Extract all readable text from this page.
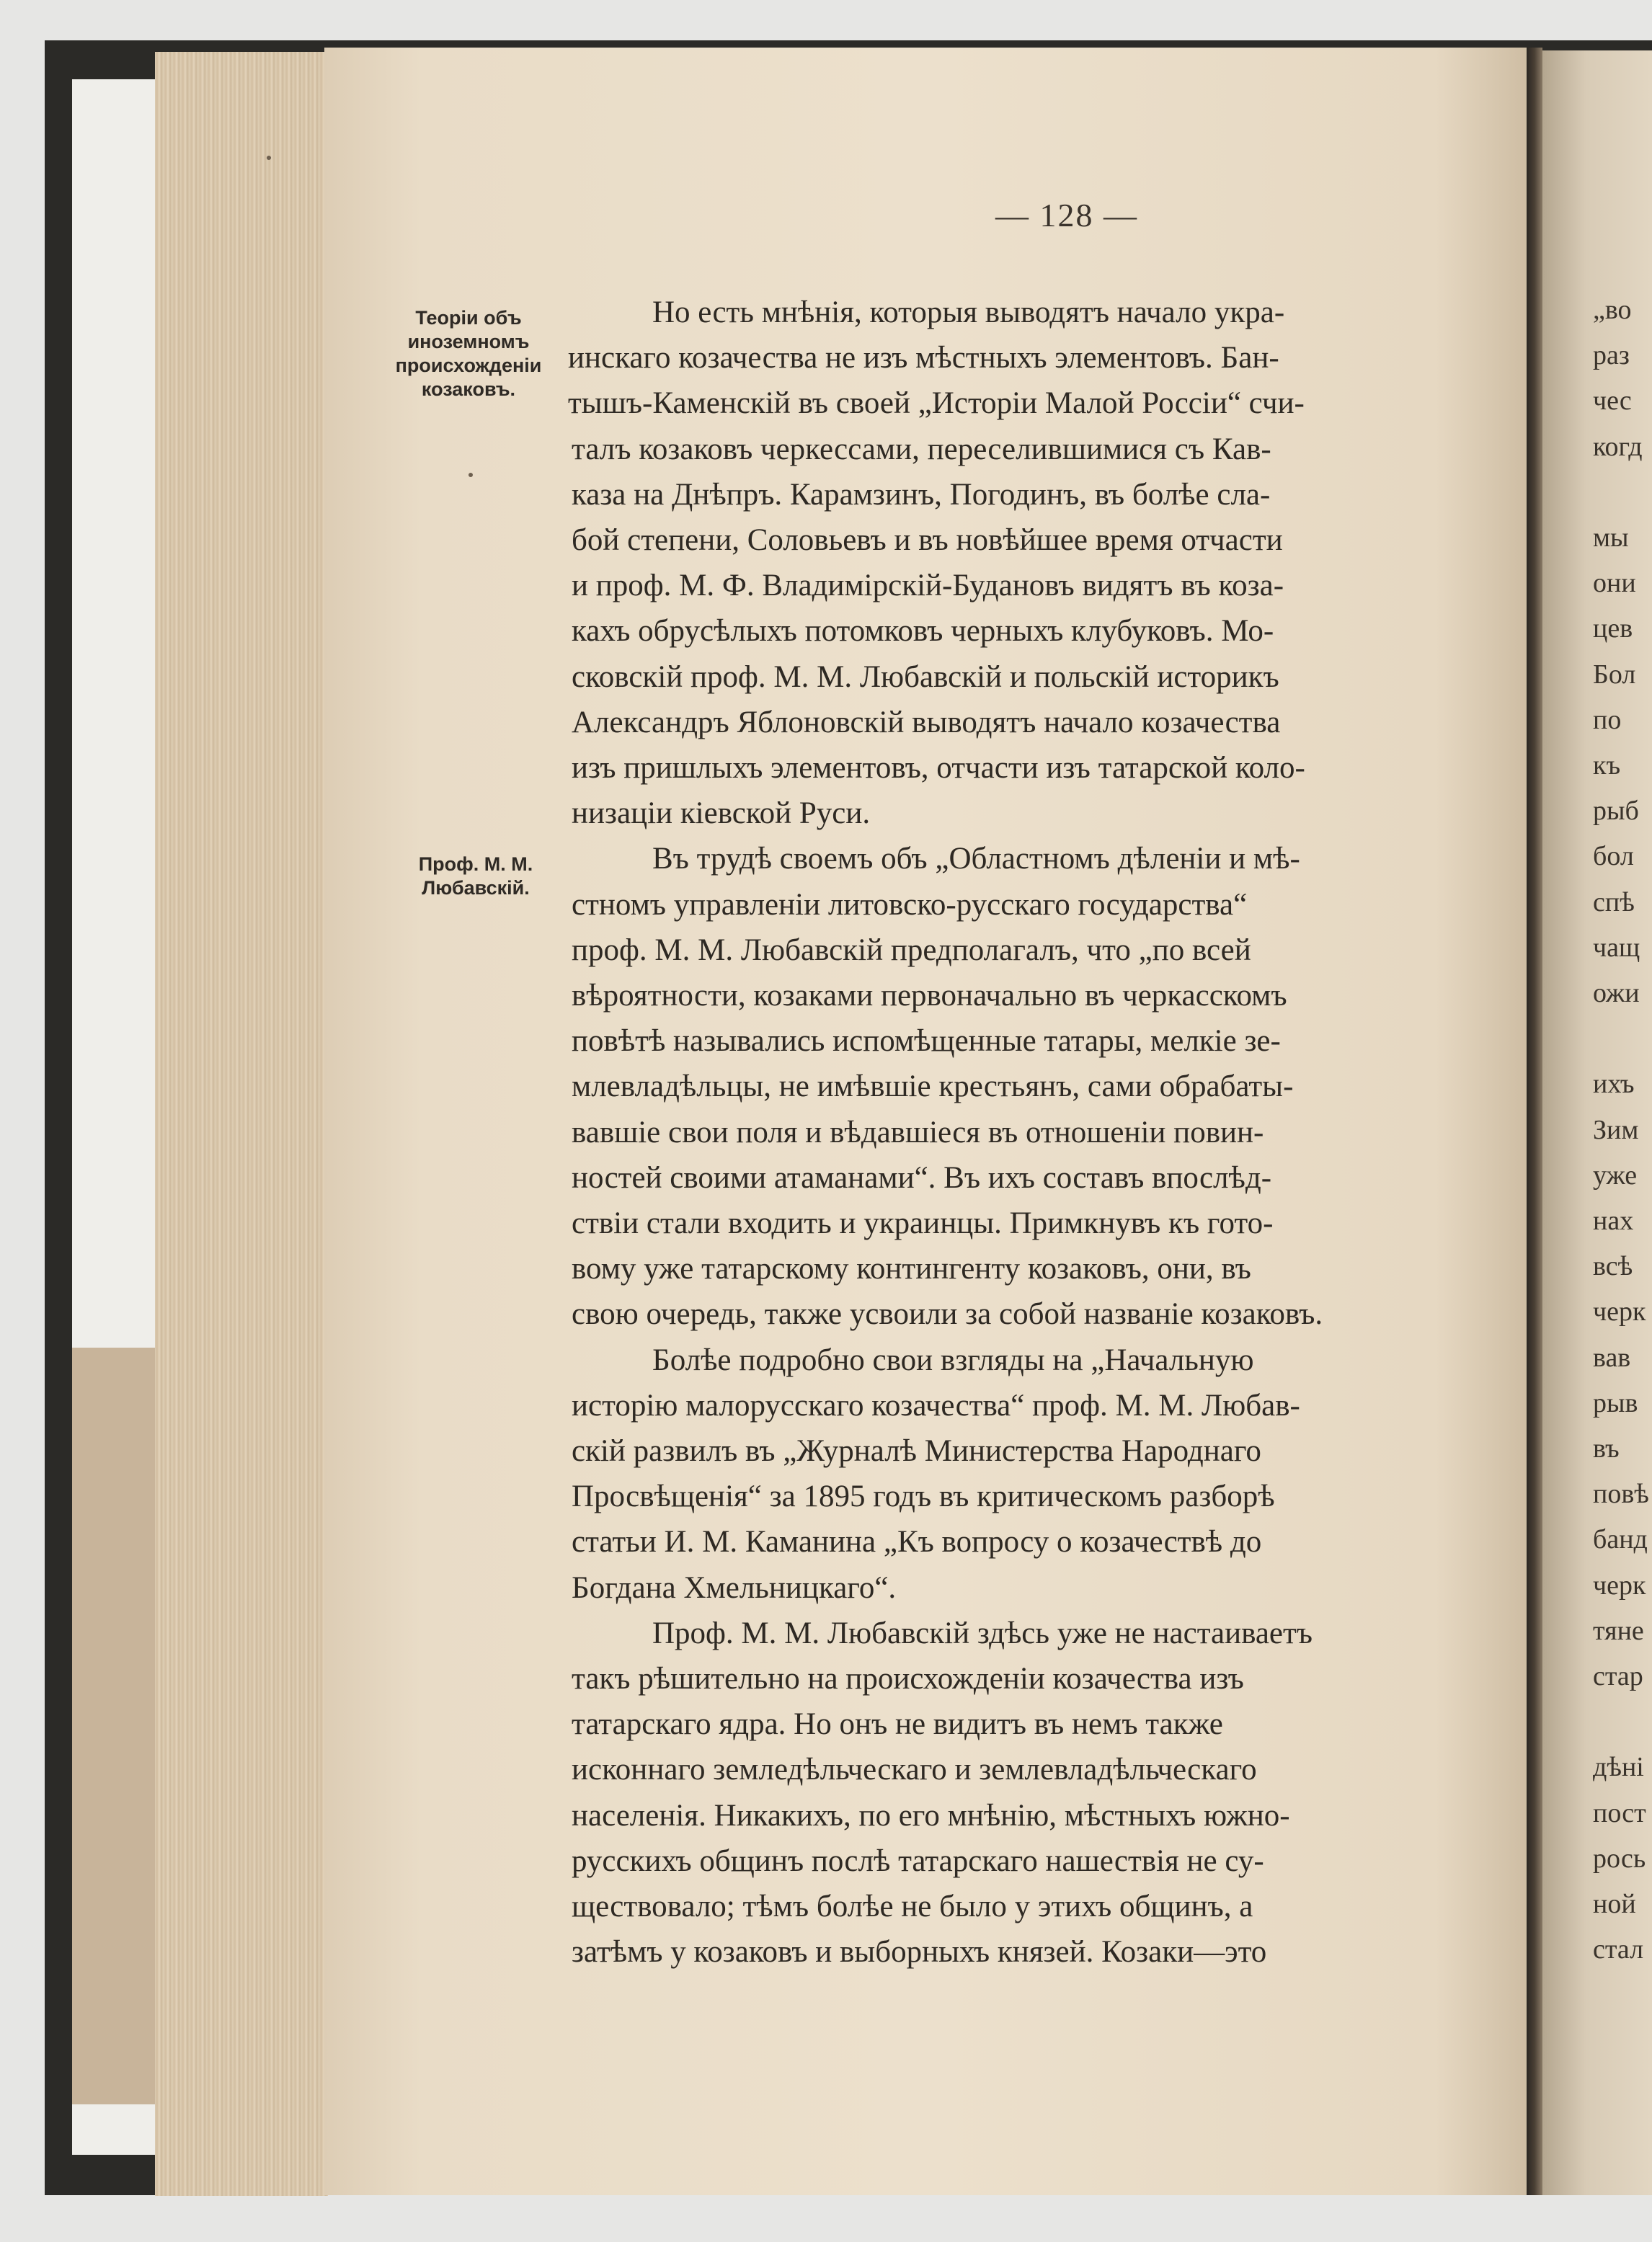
„во
раз
чес
когд
мы
они
цев
Бол
по
къ
рыб
бол
спѣ
чащ
ожи
ихъ
Зим
уже
нах
всѣ
черк
вав
рыв
въ
повѣ
банд
черк
тяне
стар
дѣнi
пост
рось
ной
стал
— 128 —
Теорiи объ иноземномъ происхожденiи козаковъ.
Проф. М. М. Любавскiй.
Но есть мнѣнiя, которыя выводятъ начало укра-
инскаго козачества не изъ мѣстныхъ элементовъ. Бан-
тышъ-Каменскiй въ своей „Исторiи Малой Россiи“ счи-
талъ козаковъ черкессами, переселившимися съ Кав-
каза на Днѣпръ. Карамзинъ, Погодинъ, въ болѣе сла-
бой степени, Соловьевъ и въ новѣйшее время отчасти
и проф. М. Ф. Владимiрскiй-Будановъ видятъ въ коза-
кахъ обрусѣлыхъ потомковъ черныхъ клубуковъ. Мо-
сковскiй проф. М. М. Любавскiй и польскiй историкъ
Александръ Яблоновскiй выводятъ начало козачества
изъ пришлыхъ элементовъ, отчасти изъ татарской коло-
низацiи кiевской Руси.
Въ трудѣ своемъ объ „Областномъ дѣленiи и мѣ-
стномъ управленiи литовско-русскаго государства“
проф. М. М. Любавскiй предполагалъ, что „по всей
вѣроятности, козаками первоначально въ черкасскомъ
повѣтѣ назывались испомѣщенные татары, мелкiе зе-
млевладѣльцы, не имѣвшiе крестьянъ, сами обрабаты-
вавшiе свои поля и вѣдавшiеся въ отношенiи повин-
ностей своими атаманами“. Въ ихъ составъ впослѣд-
ствiи стали входить и украинцы. Примкнувъ къ гото-
вому уже татарскому контингенту козаковъ, они, въ
свою очередь, также усвоили за собой названiе козаковъ.
Болѣе подробно свои взгляды на „Начальную
исторiю малорусскаго козачества“ проф. М. М. Любав-
скiй развилъ въ „Журналѣ Министерства Народнаго
Просвѣщенiя“ за 1895 годъ въ критическомъ разборѣ
статьи И. М. Каманина „Къ вопросу о козачествѣ до
Богдана Хмельницкаго“.
Проф. М. М. Любавскiй здѣсь уже не настаиваетъ
такъ рѣшительно на происхожденiи козачества изъ
татарскаго ядра. Но онъ не видитъ въ немъ также
исконнаго земледѣльческаго и землевладѣльческаго
населенiя. Никакихъ, по его мнѣнiю, мѣстныхъ южно-
русскихъ общинъ послѣ татарскаго нашествiя не су-
ществовало; тѣмъ болѣе не было у этихъ общинъ, а
затѣмъ у козаковъ и выборныхъ князей. Козаки—это
